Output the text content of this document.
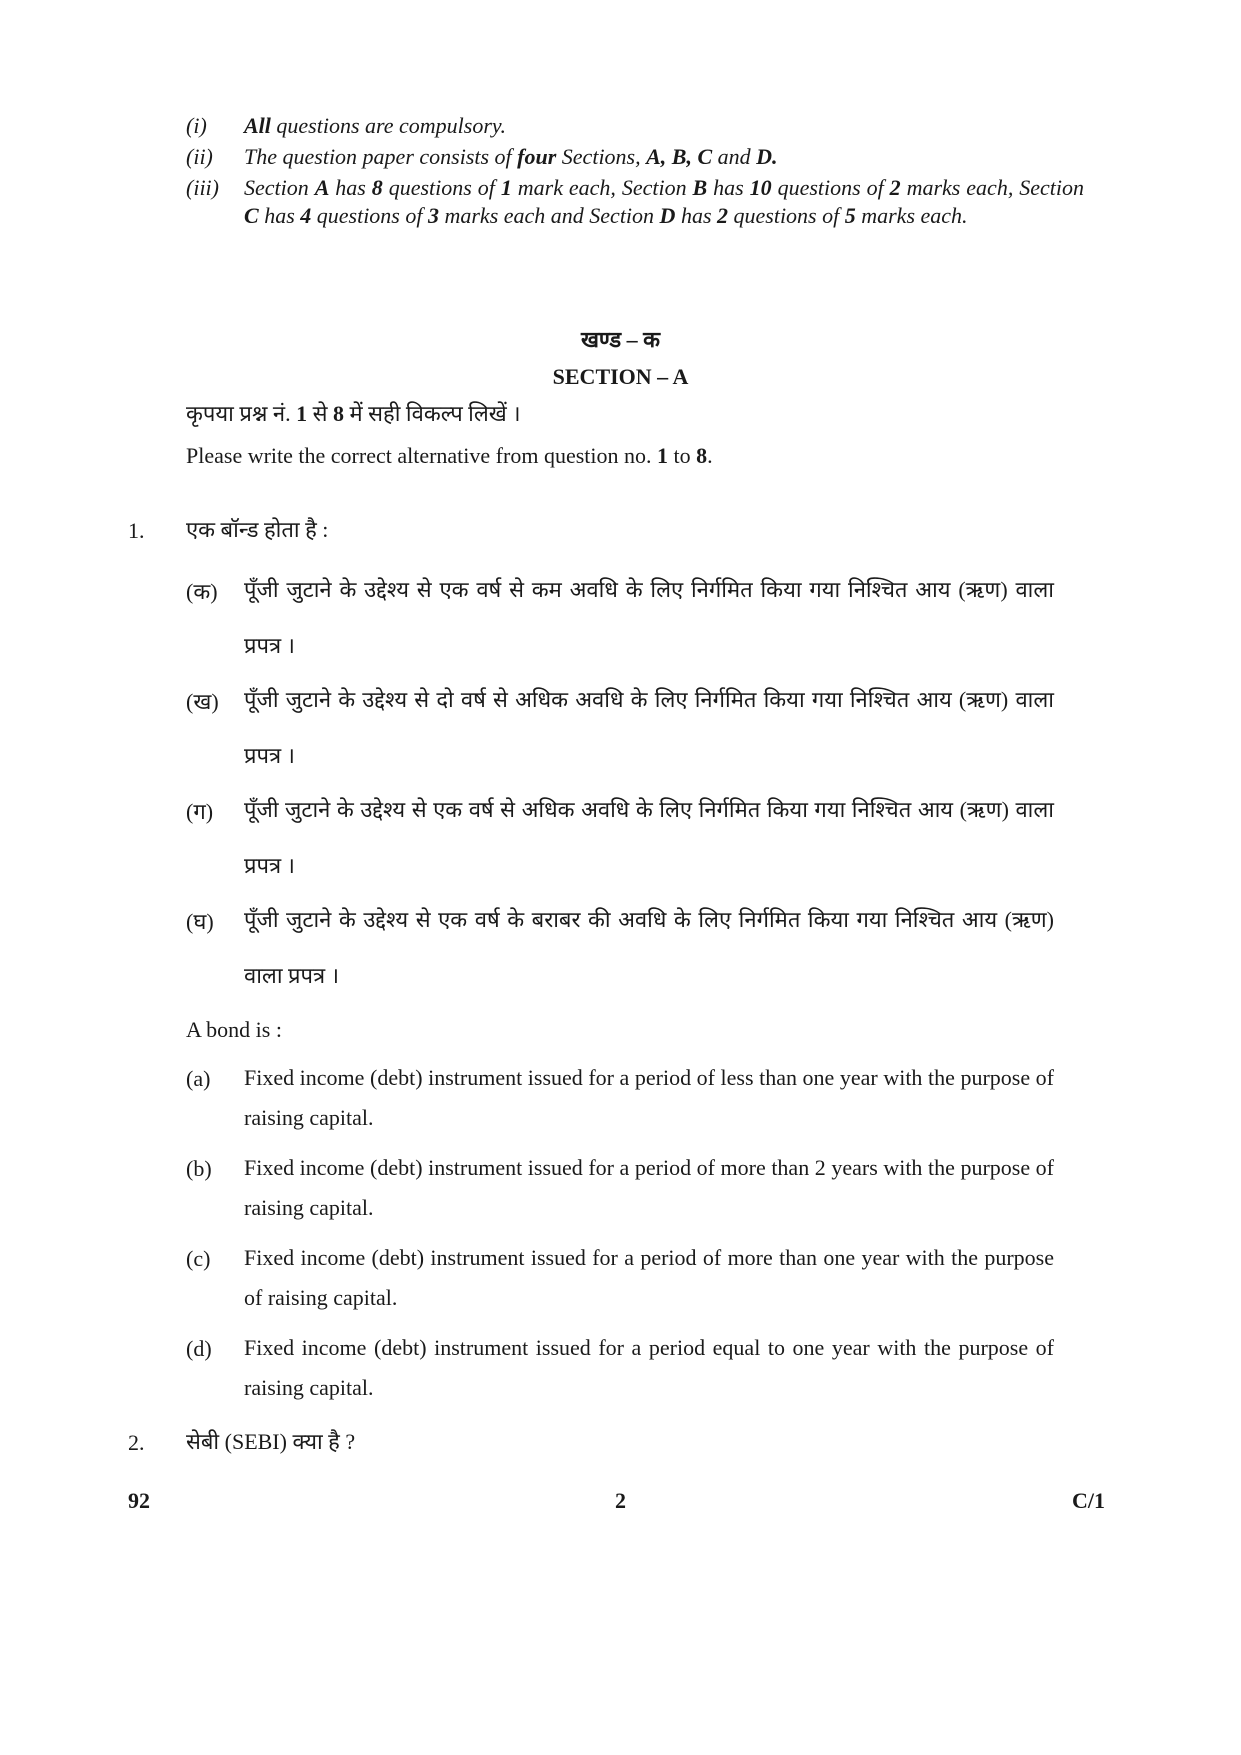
(i)	All questions are compulsory.
(ii)	The question paper consists of four Sections, A, B, C and D.
(iii)	Section A has 8 questions of 1 mark each, Section B has 10 questions of 2 marks each, Section C has 4 questions of 3 marks each and Section D has 2 questions of 5 marks each.
खण्ड – क
SECTION – A
कृपया प्रश्न नं. 1 से 8 में सही विकल्प लिखें ।
Please write the correct alternative from question no. 1 to 8.
1. एक बॉन्ड होता है :
(क) पूँजी जुटाने के उद्देश्य से एक वर्ष से कम अवधि के लिए निर्गमित किया गया निश्चित आय (ऋण) वाला प्रपत्र ।
(ख) पूँजी जुटाने के उद्देश्य से दो वर्ष से अधिक अवधि के लिए निर्गमित किया गया निश्चित आय (ऋण) वाला प्रपत्र ।
(ग) पूँजी जुटाने के उद्देश्य से एक वर्ष से अधिक अवधि के लिए निर्गमित किया गया निश्चित आय (ऋण) वाला प्रपत्र ।
(घ) पूँजी जुटाने के उद्देश्य से एक वर्ष के बराबर की अवधि के लिए निर्गमित किया गया निश्चित आय (ऋण) वाला प्रपत्र ।
A bond is :
(a) Fixed income (debt) instrument issued for a period of less than one year with the purpose of raising capital.
(b) Fixed income (debt) instrument issued for a period of more than 2 years with the purpose of raising capital.
(c) Fixed income (debt) instrument issued for a period of more than one year with the purpose of raising capital.
(d) Fixed income (debt) instrument issued for a period equal to one year with the purpose of raising capital.
2. सेबी (SEBI) क्या है ?
92	2	C/1
